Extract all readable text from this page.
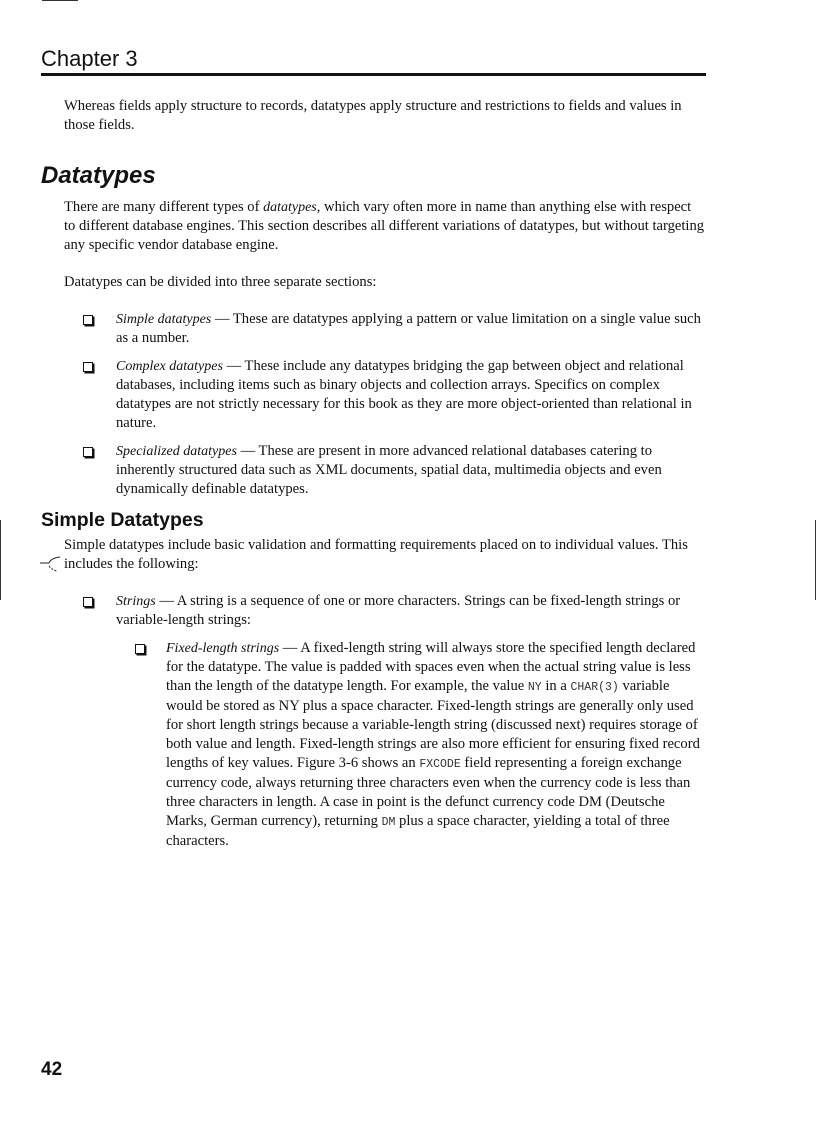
Chapter 3

Whereas fields apply structure to records, datatypes apply structure and restrictions to fields and values in those fields.

Datatypes

There are many different types of datatypes, which vary often more in name than anything else with respect to different database engines. This section describes all different variations of datatypes, but without targeting any specific vendor database engine.

Datatypes can be divided into three separate sections:

Simple datatypes — These are datatypes applying a pattern or value limitation on a single value such as a number.
Complex datatypes — These include any datatypes bridging the gap between object and relational databases, including items such as binary objects and collection arrays. Specifics on complex datatypes are not strictly necessary for this book as they are more object-oriented than relational in nature.
Specialized datatypes — These are present in more advanced relational databases catering to inherently structured data such as XML documents, spatial data, multimedia objects and even dynamically definable datatypes.
Simple Datatypes

Simple datatypes include basic validation and formatting requirements placed on to individual values. This includes the following:

Strings — A string is a sequence of one or more characters. Strings can be fixed-length strings or variable-length strings:
Fixed-length strings — A fixed-length string will always store the specified length declared for the datatype. The value is padded with spaces even when the actual string value is less than the length of the datatype length. For example, the value NY in a CHAR(3) variable would be stored as NY plus a space character. Fixed-length strings are generally only used for short length strings because a variable-length string (discussed next) requires storage of both value and length. Fixed-length strings are also more efficient for ensuring fixed record lengths of key values. Figure 3-6 shows an FXCODE field representing a foreign exchange currency code, always returning three characters even when the currency code is less than three characters in length. A case in point is the defunct currency code DM (Deutsche Marks, German currency), returning DM plus a space character, yielding a total of three characters.
42
